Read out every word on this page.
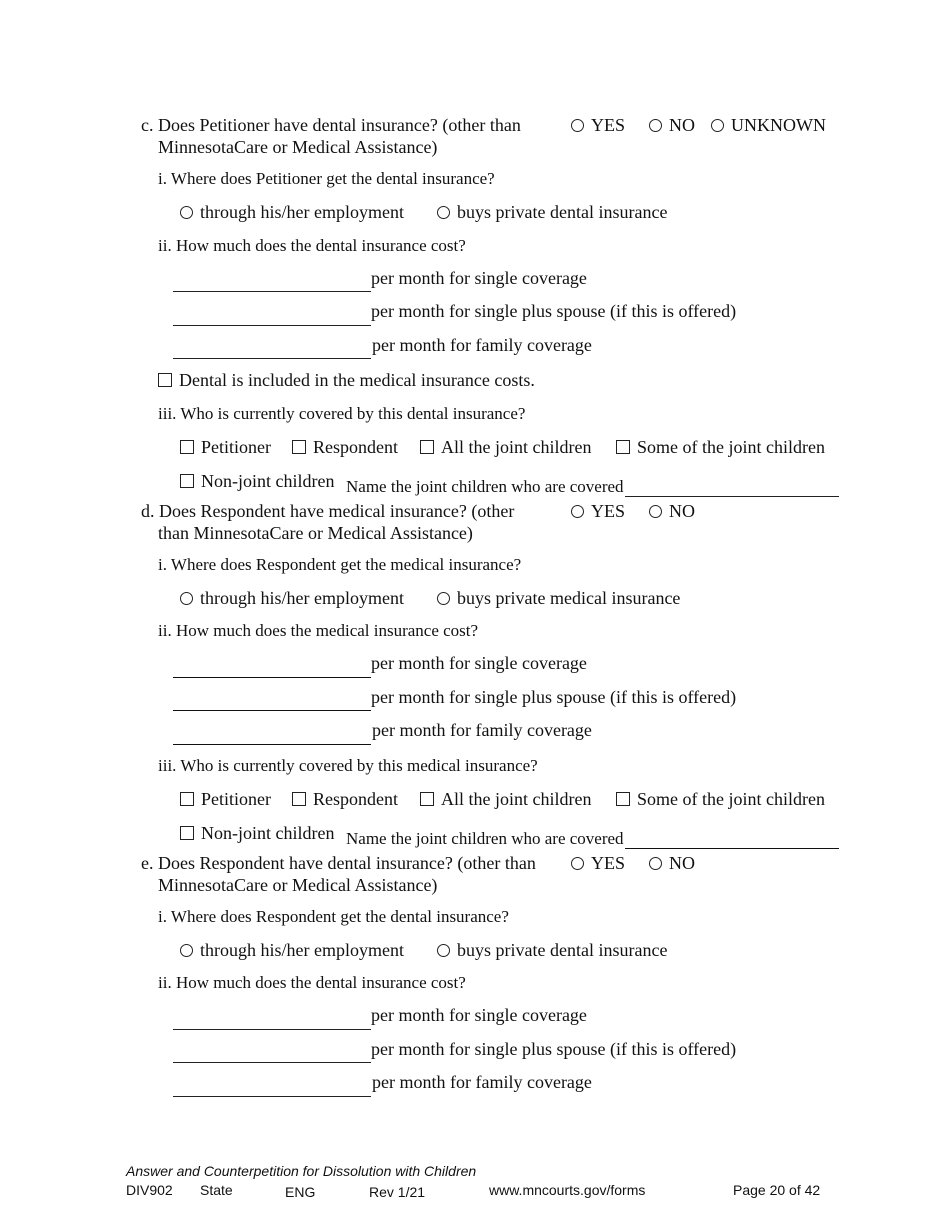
c. Does Petitioner have dental insurance? (other than
MinnesotaCare or Medical Assistance)
YES	NO	UNKNOWN
i. Where does Petitioner get the dental insurance?
through his/her employment	buys private dental insurance
ii. How much does the dental insurance cost?
per month for single coverage
per month for single plus spouse (if this is offered)
per month for family coverage
Dental is included in the medical insurance costs.
iii. Who is currently covered by this dental insurance?
Petitioner	Respondent	All the joint children	Some of the joint children
Non-joint children Name the joint children who are covered
d. Does Respondent have medical insurance? (other
than MinnesotaCare or Medical Assistance)
YES	NO
i. Where does Respondent get the medical insurance?
through his/her employment	buys private medical insurance
ii. How much does the medical insurance cost?
per month for single coverage
per month for single plus spouse (if this is offered)
per month for family coverage
iii. Who is currently covered by this medical insurance?
Petitioner	Respondent	All the joint children	Some of the joint children
Non-joint children Name the joint children who are covered
e. Does Respondent have dental insurance? (other than
MinnesotaCare or Medical Assistance)
YES	NO
i. Where does Respondent get the dental insurance?
through his/her employment	buys private dental insurance
ii. How much does the dental insurance cost?
per month for single coverage
per month for single plus spouse (if this is offered)
per month for family coverage
Answer and Counterpetition for Dissolution with Children
DIV902 State	ENG	Rev 1/21	www.mncourts.gov/forms	Page 20 of 42
